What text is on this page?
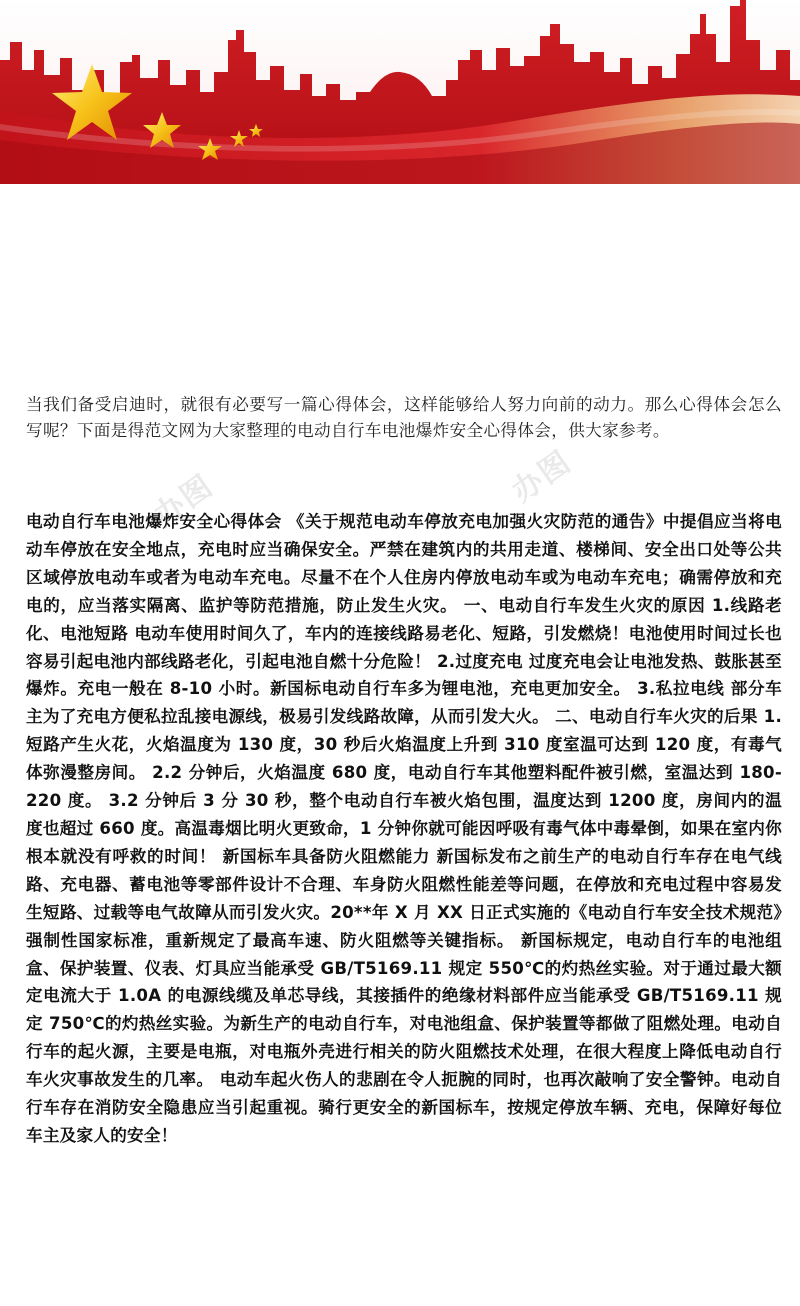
办图	办图

当我们备受启迪时，就很有必要写一篇心得体会，这样能够给人努力向前的动力。那么心得体会怎么写呢？下面是得范文网为大家整理的电动自行车电池爆炸安全心得体会，供大家参考。

电动自行车电池爆炸安全心得体会 《关于规范电动车停放充电加强火灾防范的通告》中提倡应当将电动车停放在安全地点，充电时应当确保安全。严禁在建筑内的共用走道、楼梯间、安全出口处等公共区域停放电动车或者为电动车充电。尽量不在个人住房内停放电动车或为电动车充电；确需停放和充电的，应当落实隔离、监护等防范措施，防止发生火灾。 一、电动自行车发生火灾的原因 1.线路老化、电池短路 电动车使用时间久了，车内的连接线路易老化、短路，引发燃烧！电池使用时间过长也容易引起电池内部线路老化，引起电池自燃十分危险！ 2.过度充电 过度充电会让电池发热、鼓胀甚至爆炸。充电一般在 8-10 小时。新国标电动自行车多为锂电池，充电更加安全。 3.私拉电线 部分车主为了充电方便私拉乱接电源线，极易引发线路故障，从而引发大火。 二、电动自行车火灾的后果 1.短路产生火花，火焰温度为 130 度，30 秒后火焰温度上升到 310 度室温可达到 120 度，有毒气体弥漫整房间。 2.2 分钟后，火焰温度 680 度，电动自行车其他塑料配件被引燃，室温达到 180-220 度。 3.2 分钟后 3 分 30 秒，整个电动自行车被火焰包围，温度达到 1200 度，房间内的温度也超过 660 度。高温毒烟比明火更致命，1 分钟你就可能因呼吸有毒气体中毒晕倒，如果在室内你根本就没有呼救的时间！ 新国标车具备防火阻燃能力 新国标发布之前生产的电动自行车存在电气线路、充电器、蓄电池等零部件设计不合理、车身防火阻燃性能差等问题，在停放和充电过程中容易发生短路、过载等电气故障从而引发火灾。20**年 X 月 XX 日正式实施的《电动自行车安全技术规范》强制性国家标准，重新规定了最高车速、防火阻燃等关键指标。 新国标规定，电动自行车的电池组盒、保护装置、仪表、灯具应当能承受 GB/T5169.11 规定 550℃的灼热丝实验。对于通过最大额定电流大于 1.0A 的电源线缆及单芯导线，其接插件的绝缘材料部件应当能承受 GB/T5169.11 规定 750℃的灼热丝实验。为新生产的电动自行车，对电池组盒、保护装置等都做了阻燃处理。电动自行车的起火源，主要是电瓶，对电瓶外壳进行相关的防火阻燃技术处理，在很大程度上降低电动自行车火灾事故发生的几率。 电动车起火伤人的悲剧在令人扼腕的同时，也再次敲响了安全警钟。电动自行车存在消防安全隐患应当引起重视。骑行更安全的新国标车，按规定停放车辆、充电，保障好每位车主及家人的安全！
